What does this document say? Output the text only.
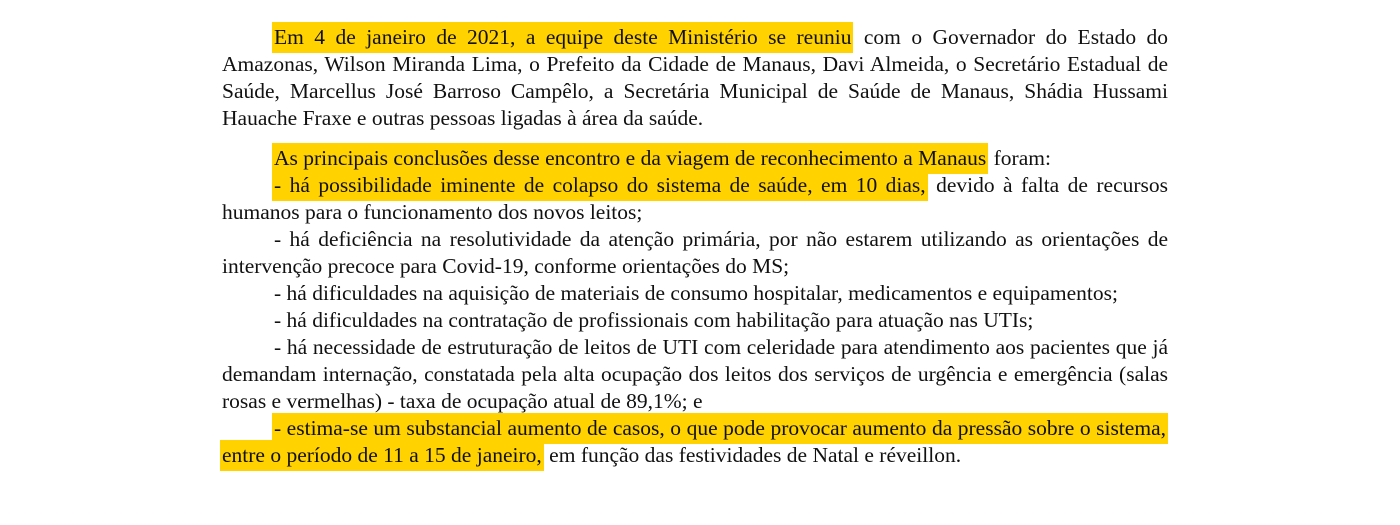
Em 4 de janeiro de 2021, a equipe deste Ministério se reuniu com o Governador do Estado do Amazonas, Wilson Miranda Lima, o Prefeito da Cidade de Manaus, Davi Almeida, o Secretário Estadual de Saúde, Marcellus José Barroso Campêlo, a Secretária Municipal de Saúde de Manaus, Shádia Hussami Hauache Fraxe e outras pessoas ligadas à área da saúde.

As principais conclusões desse encontro e da viagem de reconhecimento a Manaus foram:

- há possibilidade iminente de colapso do sistema de saúde, em 10 dias, devido à falta de recursos humanos para o funcionamento dos novos leitos;

- há deficiência na resolutividade da atenção primária, por não estarem utilizando as orientações de intervenção precoce para Covid-19, conforme orientações do MS;

- há dificuldades na aquisição de materiais de consumo hospitalar, medicamentos e equipamentos;

- há dificuldades na contratação de profissionais com habilitação para atuação nas UTIs;

- há necessidade de estruturação de leitos de UTI com celeridade para atendimento aos pacientes que já demandam internação, constatada pela alta ocupação dos leitos dos serviços de urgência e emergência (salas rosas e vermelhas) - taxa de ocupação atual de 89,1%; e

- estima-se um substancial aumento de casos, o que pode provocar aumento da pressão sobre o sistema, entre o período de 11 a 15 de janeiro, em função das festividades de Natal e réveillon.
